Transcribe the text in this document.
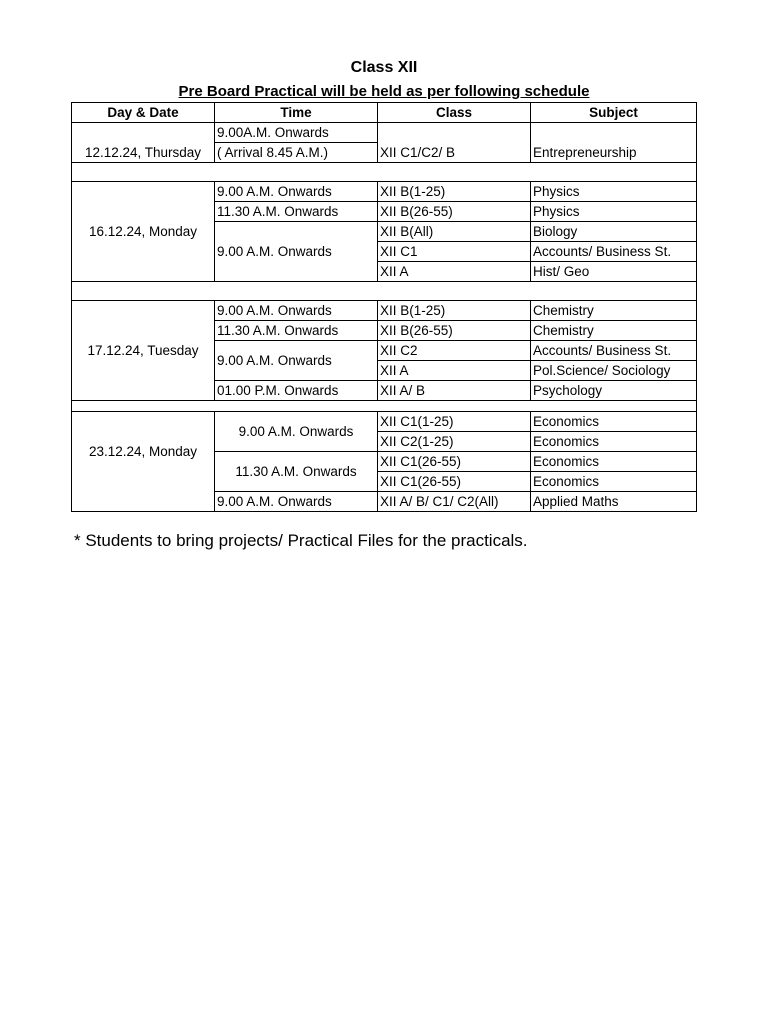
Class XII
Pre Board Practical will be held as per following schedule
Day & Date	Time	Class	Subject
12.12.24, Thursday	9.00A.M. Onwards	XII C1/C2/ B	Entrepreneurship
	( Arrival 8.45 A.M.)		

16.12.24, Monday	9.00 A.M. Onwards	XII B(1-25)	Physics
	11.30 A.M. Onwards	XII B(26-55)	Physics
	9.00 A.M. Onwards	XII B(All)	Biology
		XII C1	Accounts/ Business St.
		XII A	Hist/ Geo

17.12.24, Tuesday	9.00 A.M. Onwards	XII B(1-25)	Chemistry
	11.30 A.M. Onwards	XII B(26-55)	Chemistry
	9.00 A.M. Onwards	XII C2	Accounts/ Business St.
		XII A	Pol.Science/ Sociology
	01.00 P.M. Onwards	XII A/ B	Psychology

23.12.24, Monday	9.00 A.M. Onwards	XII C1(1-25)	Economics
		XII C2(1-25)	Economics
	11.30 A.M. Onwards	XII C1(26-55)	Economics
		XII C1(26-55)	Economics
	9.00 A.M. Onwards	XII A/ B/ C1/ C2(All)	Applied Maths
* Students to bring projects/ Practical Files for the practicals.
